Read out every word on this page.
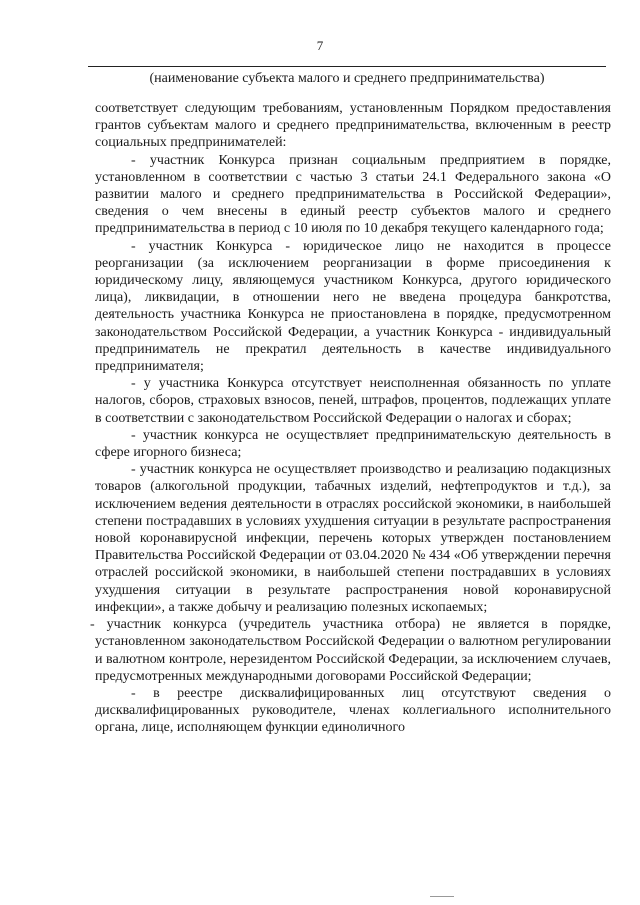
7
(наименование субъекта малого и среднего предпринимательства)

соответствует следующим требованиям, установленным Порядком предоставления грантов субъектам малого и среднего предпринимательства, включенным в реестр социальных предпринимателей:

- участник Конкурса признан социальным предприятием в порядке, установленном в соответствии с частью 3 статьи 24.1 Федерального закона «О развитии малого и среднего предпринимательства в Российской Федерации», сведения о чем внесены в единый реестр субъектов малого и среднего предпринимательства в период с 10 июля по 10 декабря текущего календарного года;

- участник Конкурса - юридическое лицо не находится в процессе реорганизации (за исключением реорганизации в форме присоединения к юридическому лицу, являющемуся участником Конкурса, другого юридического лица), ликвидации, в отношении него не введена процедура банкротства, деятельность участника Конкурса не приостановлена в порядке, предусмотренном законодательством Российской Федерации, а участник Конкурса - индивидуальный предприниматель не прекратил деятельность в качестве индивидуального предпринимателя;

- у участника Конкурса отсутствует неисполненная обязанность по уплате налогов, сборов, страховых взносов, пеней, штрафов, процентов, подлежащих уплате в соответствии с законодательством Российской Федерации о налогах и сборах;

- участник конкурса не осуществляет предпринимательскую деятельность в сфере игорного бизнеса;

- участник конкурса не осуществляет производство и реализацию подакцизных товаров (алкогольной продукции, табачных изделий, нефтепродуктов и т.д.), за исключением ведения деятельности в отраслях российской экономики, в наибольшей степени пострадавших в условиях ухудшения ситуации в результате распространения новой коронавирусной инфекции, перечень которых утвержден постановлением Правительства Российской Федерации от 03.04.2020 № 434 «Об утверждении перечня отраслей российской экономики, в наибольшей степени пострадавших в условиях ухудшения ситуации в результате распространения новой коронавирусной инфекции», а также добычу и реализацию полезных ископаемых;

- участник конкурса (учредитель участника отбора) не является в порядке, установленном законодательством Российской Федерации о валютном регулировании и валютном контроле, нерезидентом Российской Федерации, за исключением случаев, предусмотренных международными договорами Российской Федерации;

- в реестре дисквалифицированных лиц отсутствуют сведения о дисквалифицированных руководителе, членах коллегиального исполнительного органа, лице, исполняющем функции единоличного
